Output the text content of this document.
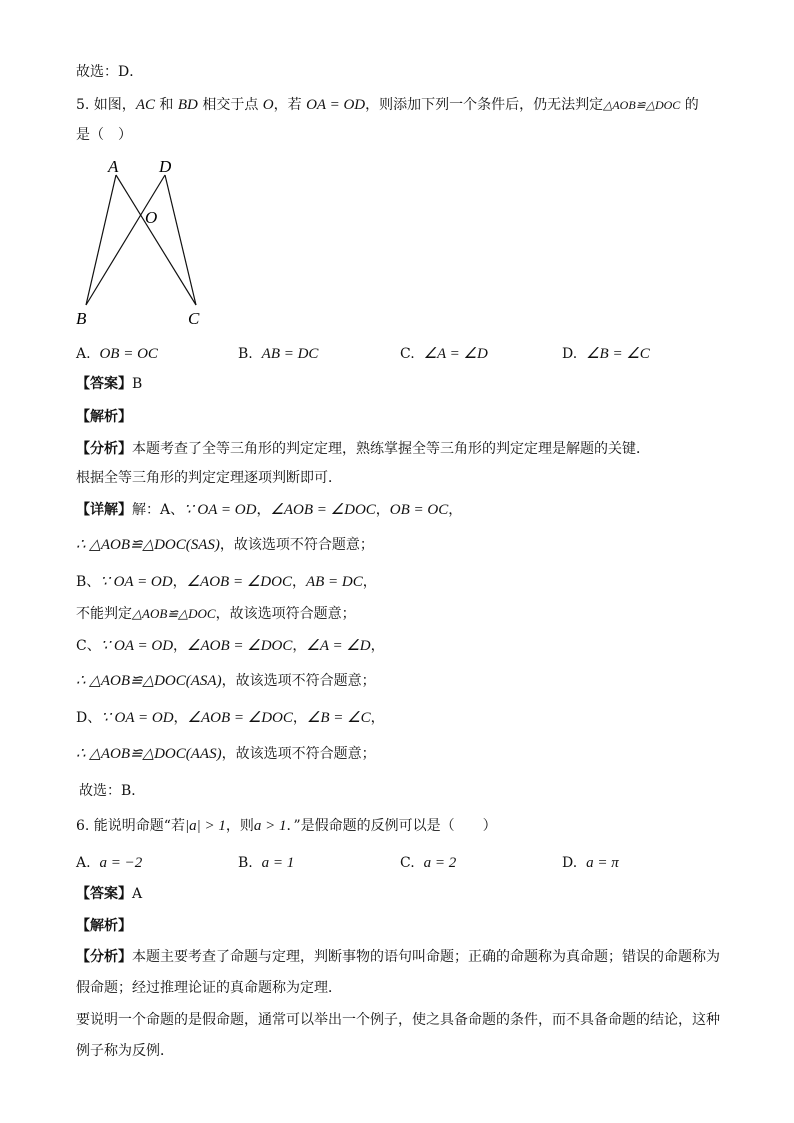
故选：D．
5. 如图，AC 和 BD 相交于点 O，若 OA = OD，则添加下列一个条件后，仍无法判定△AOB≌△DOC 的
是（　）
A D
O
B	C
A. OB = OC	B. AB = DC	C. ∠A = ∠D	D. ∠B = ∠C
【答案】B
【解析】
【分析】本题考查了全等三角形的判定定理，熟练掌握全等三角形的判定定理是解题的关键．
根据全等三角形的判定定理逐项判断即可．
【详解】解：A、∵ OA = OD，∠AOB = ∠DOC，OB = OC，
∴ △AOB≌△DOC(SAS)，故该选项不符合题意；
B、∵ OA = OD，∠AOB = ∠DOC，AB = DC，
不能判定△AOB≌△DOC，故该选项符合题意；
C、∵ OA = OD，∠AOB = ∠DOC，∠A = ∠D，
∴ △AOB≌△DOC(ASA)，故该选项不符合题意；
D、∵ OA = OD，∠AOB = ∠DOC，∠B = ∠C，
∴ △AOB≌△DOC(AAS)，故该选项不符合题意；
故选：B．
6. 能说明命题“若|a| > 1，则a > 1．”是假命题的反例可以是（　　）
A. a = −2	B. a = 1	C. a = 2	D. a = π
【答案】A
【解析】
【分析】本题主要考查了命题与定理，判断事物的语句叫命题；正确的命题称为真命题；错误的命题称为
假命题；经过推理论证的真命题称为定理．
要说明一个命题的是假命题，通常可以举出一个例子，使之具备命题的条件，而不具备命题的结论，这种
例子称为反例．
